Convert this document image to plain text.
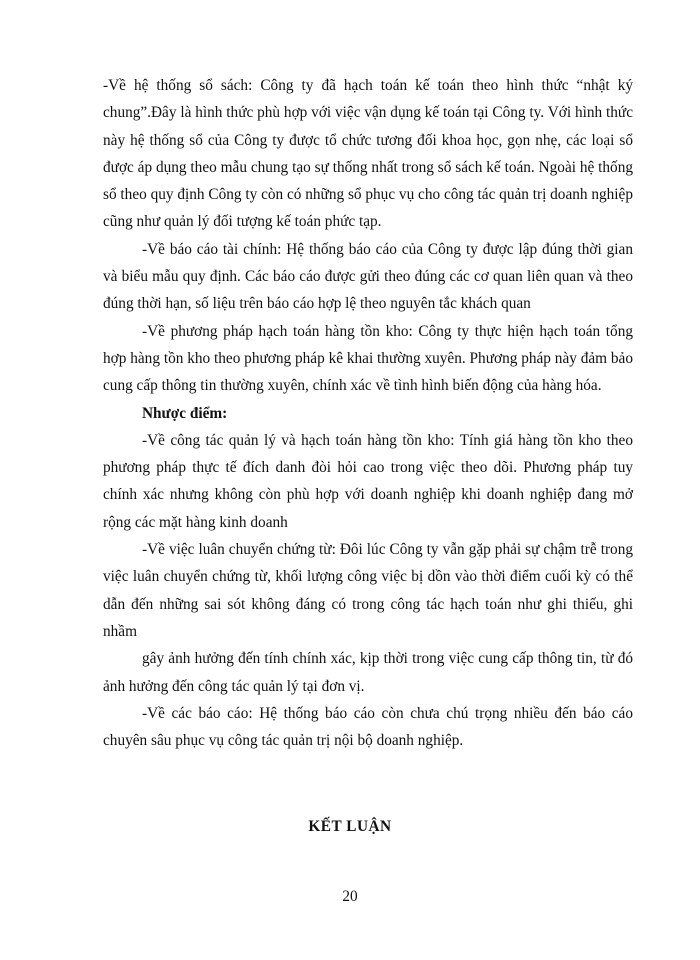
-Về hệ thống sổ sách: Công ty đã hạch toán kế toán theo hình thức “nhật ký chung”.Đây là hình thức phù hợp với việc vận dụng kế toán tại Công ty. Với hình thức này hệ thống sổ của Công ty được tổ chức tương đối khoa học, gọn nhẹ, các loại sổ được áp dụng theo mẫu chung tạo sự thống nhất trong sổ sách kế toán. Ngoài hệ thống sổ theo quy định Công ty còn có những sổ phục vụ cho công tác quản trị doanh nghiệp cũng như quản lý đối tượng kế toán phức tạp.

-Về báo cáo tài chính: Hệ thống báo cáo của Công ty được lập đúng thời gian và biểu mẫu quy định. Các báo cáo được gửi theo đúng các cơ quan liên quan và theo đúng thời hạn, số liệu trên báo cáo hợp lệ theo nguyên tắc khách quan

-Về phương pháp hạch toán hàng tồn kho: Công ty thực hiện hạch toán tổng hợp hàng tồn kho theo phương pháp kê khai thường xuyên. Phương pháp này đảm bảo cung cấp thông tin thường xuyên, chính xác về tình hình biến động của hàng hóa.

Nhược điểm:

-Về công tác quản lý và hạch toán hàng tồn kho: Tính giá hàng tồn kho theo phương pháp thực tế đích danh đòi hỏi cao trong việc theo dõi. Phương pháp tuy chính xác nhưng không còn phù hợp với doanh nghiệp khi doanh nghiệp đang mở rộng các mặt hàng kinh doanh

-Về việc luân chuyển chứng từ: Đôi lúc Công ty vẫn gặp phải sự chậm trễ trong việc luân chuyển chứng từ, khối lượng công việc bị dồn vào thời điểm cuối kỳ có thể dẫn đến những sai sót không đáng có trong công tác hạch toán như ghi thiếu, ghi nhầm

gây ảnh hưởng đến tính chính xác, kịp thời trong việc cung cấp thông tin, từ đó ảnh hưởng đến công tác quản lý tại đơn vị.

-Về các báo cáo: Hệ thống báo cáo còn chưa chú trọng nhiều đến báo cáo chuyên sâu phục vụ công tác quản trị nội bộ doanh nghiệp.

KẾT LUẬN
20
